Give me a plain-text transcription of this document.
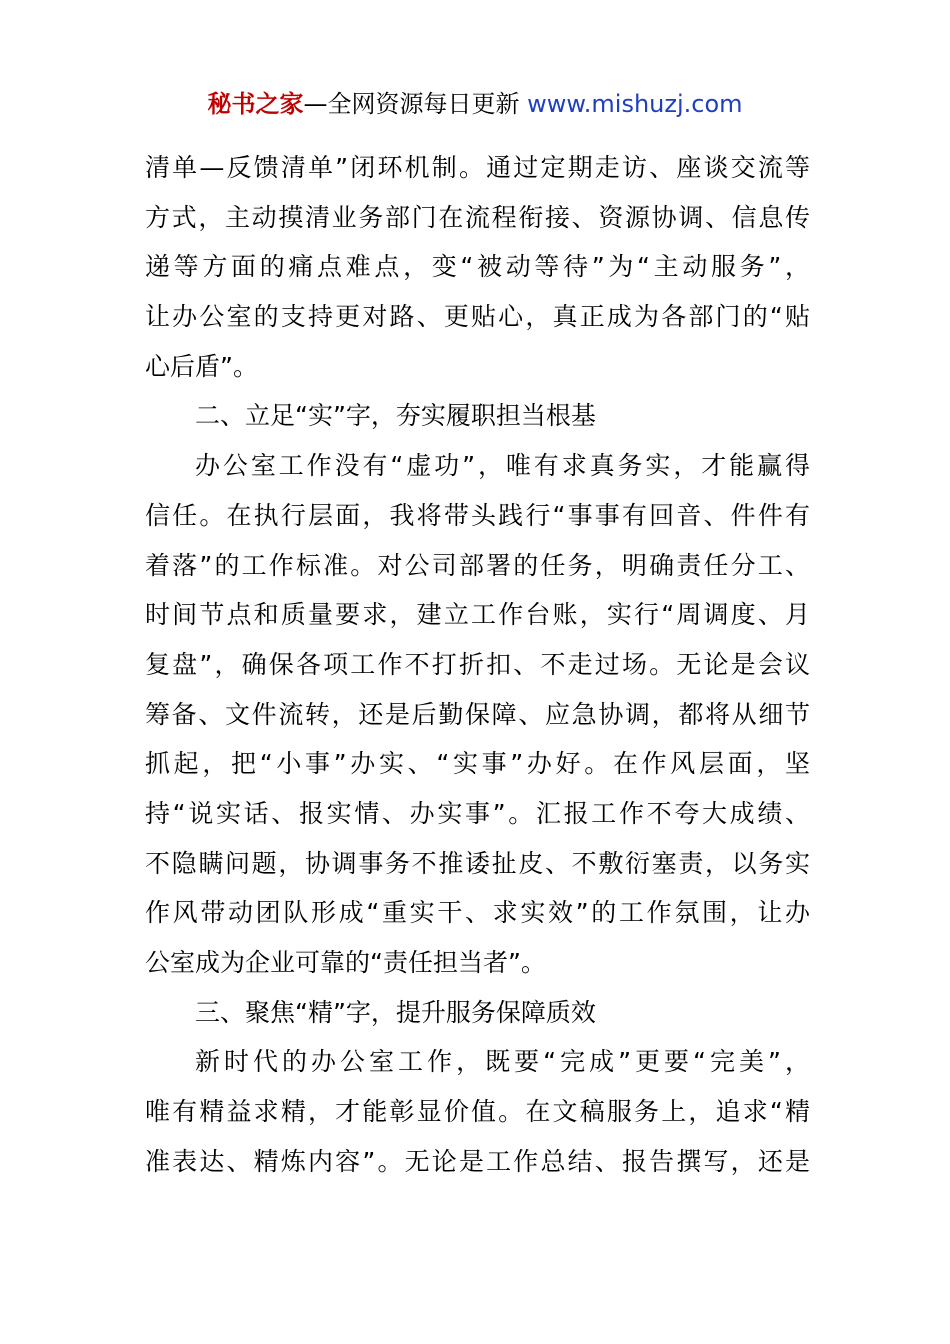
秘书之家—全网资源每日更新 www.mishuzj.com
清单—反馈清单”闭环机制。通过定期走访、座谈交流等
方式，主动摸清业务部门在流程衔接、资源协调、信息传
递等方面的痛点难点，变“被动等待”为“主动服务”，
让办公室的支持更对路、更贴心，真正成为各部门的“贴
心后盾”。
二、立足“实”字，夯实履职担当根基
办公室工作没有“虚功”，唯有求真务实，才能赢得
信任。在执行层面，我将带头践行“事事有回音、件件有
着落”的工作标准。对公司部署的任务，明确责任分工、
时间节点和质量要求，建立工作台账，实行“周调度、月
复盘”，确保各项工作不打折扣、不走过场。无论是会议
筹备、文件流转，还是后勤保障、应急协调，都将从细节
抓起，把“小事”办实、“实事”办好。在作风层面，坚
持“说实话、报实情、办实事”。汇报工作不夸大成绩、
不隐瞒问题，协调事务不推诿扯皮、不敷衍塞责，以务实
作风带动团队形成“重实干、求实效”的工作氛围，让办
公室成为企业可靠的“责任担当者”。
三、聚焦“精”字，提升服务保障质效
新时代的办公室工作，既要“完成”更要“完美”，
唯有精益求精，才能彰显价值。在文稿服务上，追求“精
准表达、精炼内容”。无论是工作总结、报告撰写，还是
